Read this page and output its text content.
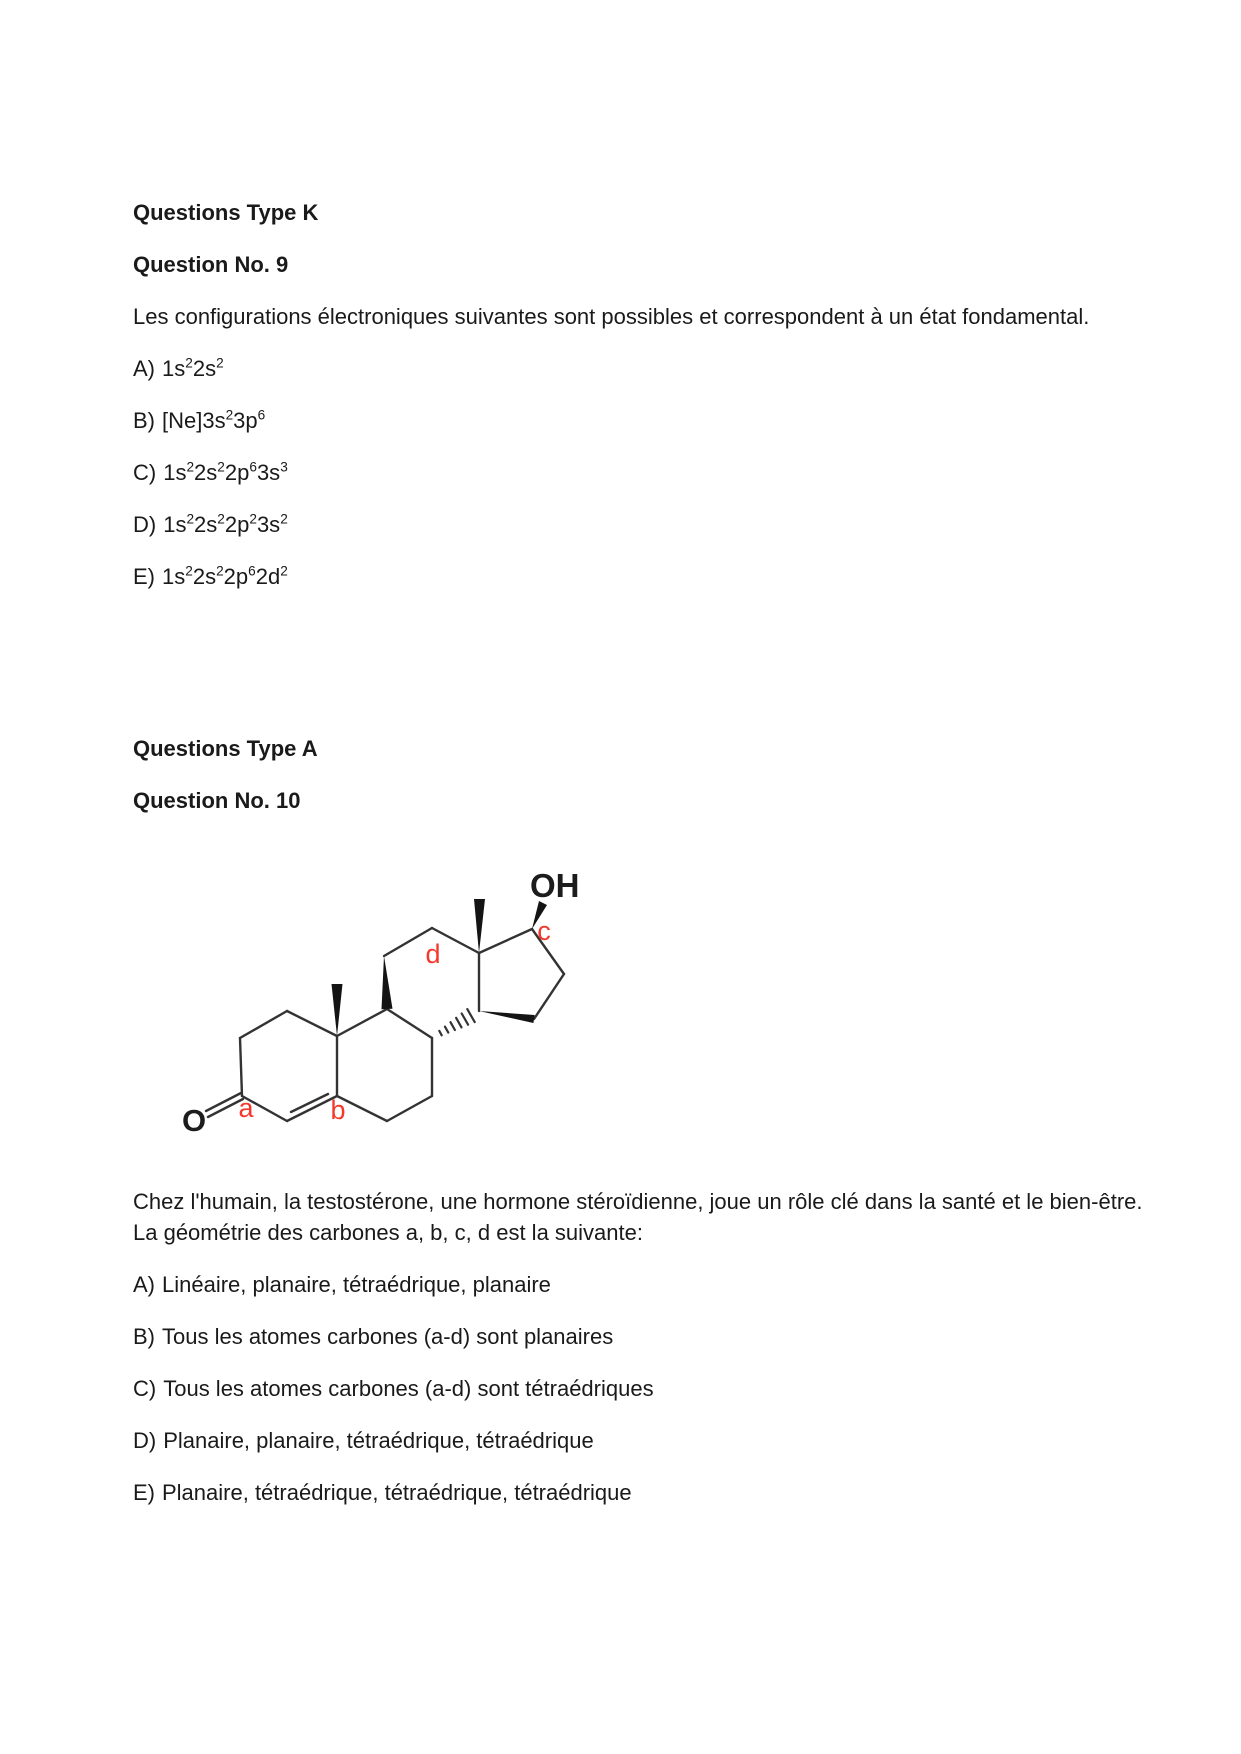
Questions Type K

Question No. 9

Les configurations électroniques suivantes sont possibles et correspondent à un état fondamental.

A) $1s^22s^2$

B) $[Ne]3s^23p^6$

C) $1s^22s^22p^63s^3$

D) $1s^22s^22p^23s^2$

E) $1s^22s^22p^62d^2$

Questions Type A

Question No. 10

OH
O a	b
c
d

Chez l'humain, la testostérone, une hormone stéroïdienne, joue un rôle clé dans la santé et le bien-être. La géométrie des carbones a, b, c, d est la suivante:

A) Linéaire, planaire, tétraédrique, planaire

B) Tous les atomes carbones (a-d) sont planaires

C) Tous les atomes carbones (a-d) sont tétraédriques

D) Planaire, planaire, tétraédrique, tétraédrique

E) Planaire, tétraédrique, tétraédrique, tétraédrique
